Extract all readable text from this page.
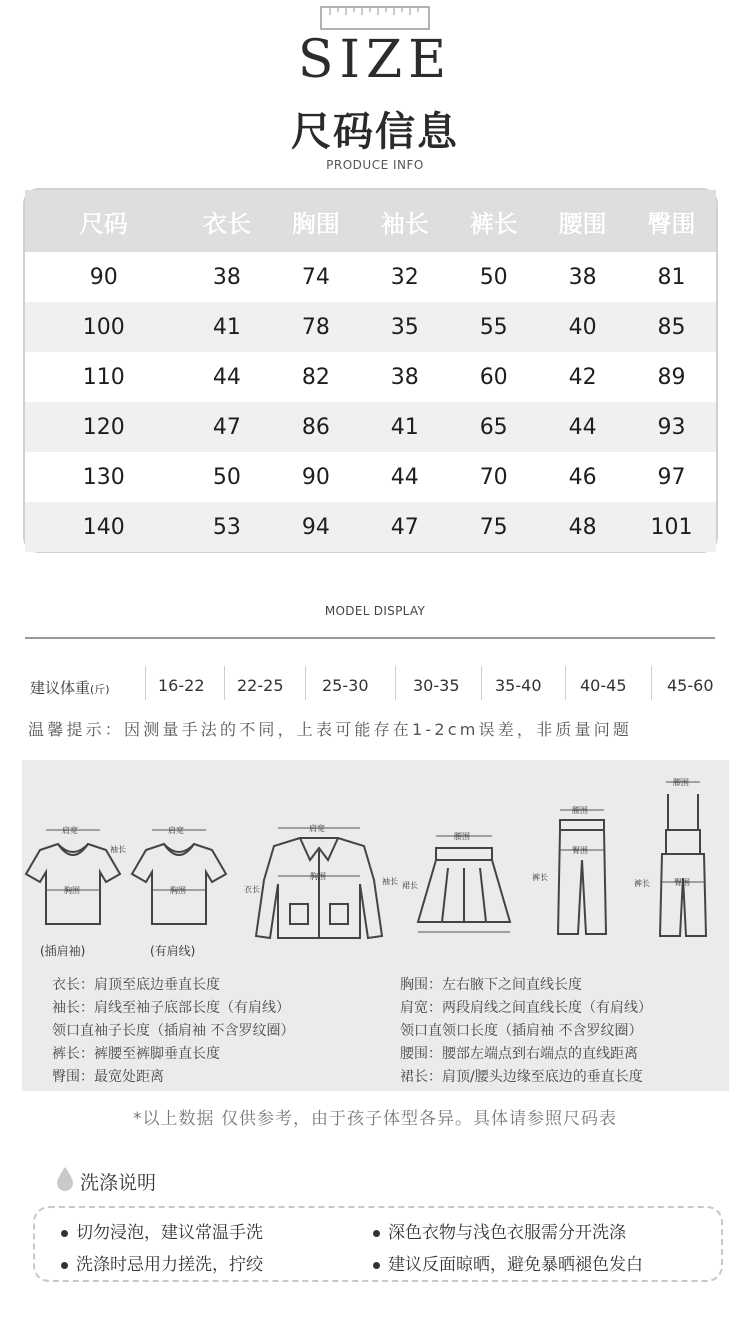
SIZE
尺码信息
PRODUCE INFO
尺码	衣长	胸围	袖长	裤长	腰围	臀围
90	38	74	32	50	38	81
100	41	78	35	55	40	85
110	44	82	38	60	42	89
120	47	86	41	65	44	93
130	50	90	44	70	46	97
140	53	94	47	75	48	101
MODEL DISPLAY
建议体重(斤)	16-22 22-25 25-30	30-35 35-40 40-45	45-60
温馨提示：因测量手法的不同，上表可能存在1-2cm误差，非质量问题
肩宽
胸围
袖长
(插肩袖)
肩宽
胸围
(有肩线)
肩宽
胸围
衣长
袖长
腰围
裙长
腰围
臀围
裤长
腰围
臀围
裤长
衣长：肩顶至底边垂直长度
袖长：肩线至袖子底部长度（有肩线）
领口直袖子长度（插肩袖 不含罗纹圈）
裤长：裤腰至裤脚垂直长度
臀围：最宽处距离
胸围：左右腋下之间直线长度
肩宽：两段肩线之间直线长度（有肩线）
领口直领口长度（插肩袖 不含罗纹圈）
腰围：腰部左端点到右端点的直线距离
裙长：肩顶/腰头边缘至底边的垂直长度
*以上数据 仅供参考，由于孩子体型各异。具体请参照尺码表
洗涤说明
切勿浸泡，建议常温手洗	深色衣物与浅色衣服需分开洗涤
洗涤时忌用力搓洗，拧绞	建议反面晾晒，避免暴晒褪色发白
